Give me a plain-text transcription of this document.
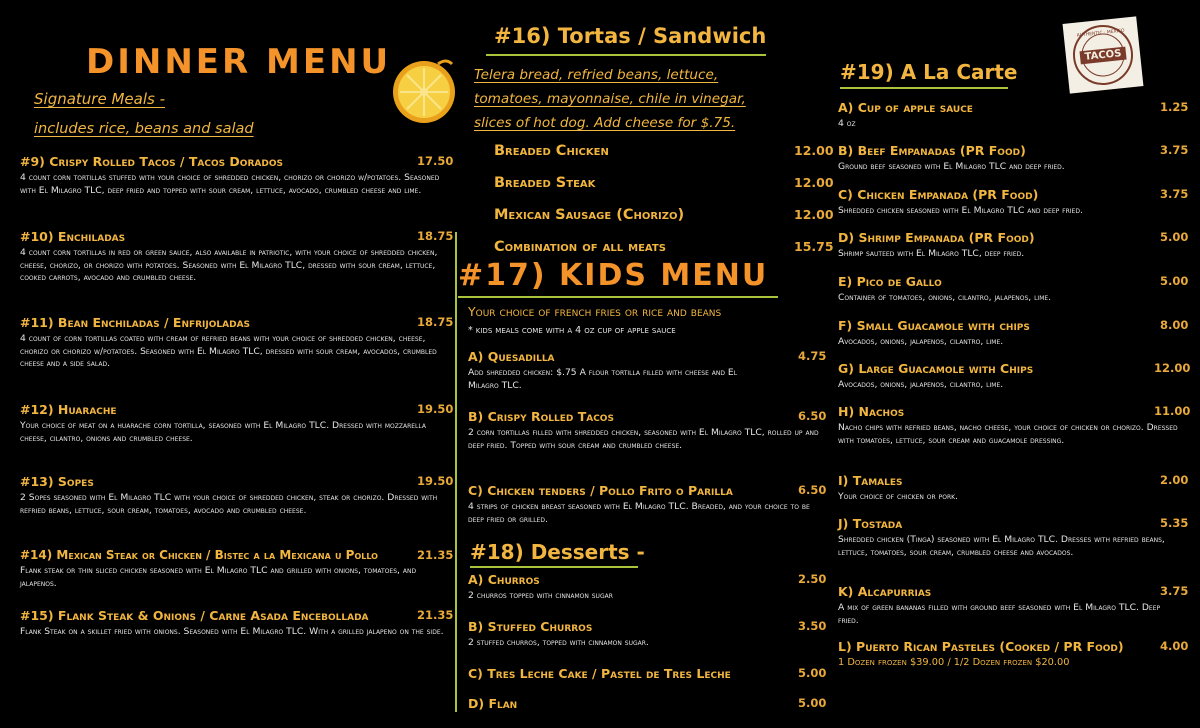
DINNER MENU
Signature Meals -
includes rice, beans and salad
#9) Crispy Rolled Tacos / Tacos Dorados	17.50
4 count corn tortillas stuffed with your choice of shredded chicken, chorizo or chorizo w/potatoes. Seasoned with El Milagro TLC, deep fried and topped with sour cream, lettuce, avocado, crumbled cheese and lime.
#10) Enchiladas	18.75
4 count corn tortillas in red or green sauce, also available in patriotic, with your choice of shredded chicken, cheese, chorizo, or chorizo with potatoes. Seasoned with El Milagro TLC, dressed with sour cream, lettuce, cooked carrots, avocado and crumbled cheese.
#11) Bean Enchiladas / Enfrijoladas	18.75
4 count of corn tortillas coated with cream of refried beans with your choice of shredded chicken, cheese, chorizo or chorizo w/potatoes. Seasoned with El Milagro TLC, dressed with sour cream, avocados, crumbled cheese and a side salad.
#12) Huarache	19.50
Your choice of meat on a huarache corn tortilla, seasoned with El Milagro TLC. Dressed with mozzarella cheese, cilantro, onions and crumbled cheese.
#13) Sopes	19.50
2 Sopes seasoned with El Milagro TLC with your choice of shredded chicken, steak or chorizo. Dressed with refried beans, lettuce, sour cream, tomatoes, avocado and crumbled cheese.
#14) Mexican Steak or Chicken / Bistec a la Mexicana u Pollo	21.35
Flank steak or thin sliced chicken seasoned with El Milagro TLC and grilled with onions, tomatoes, and jalapenos.
#15) Flank Steak & Onions / Carne Asada Encebollada	21.35
Flank Steak on a skillet fried with onions. Seasoned with El Milagro TLC. With a grilled jalapeno on the side.
#16) Tortas / Sandwich
Telera bread, refried beans, lettuce, tomatoes, mayonnaise, chile in vinegar, slices of hot dog. Add cheese for $.75.
Breaded Chicken	12.00
Breaded Steak	12.00
Mexican Sausage (Chorizo)	12.00
Combination of all meats	15.75
#17) KIDS MENU
Your choice of french fries or rice and beans
* kids meals come with a 4 oz cup of apple sauce
A) Quesadilla	4.75
Add shredded chicken: $.75 A flour tortilla filled with cheese and El Milagro TLC.
B) Crispy Rolled Tacos	6.50
2 corn tortillas filled with shredded chicken, seasoned with El Milagro TLC, rolled up and deep fried. Topped with sour cream and crumbled cheese.
C) Chicken tenders / Pollo Frito o Parilla	6.50
4 strips of chicken breast seasoned with El Milagro TLC. Breaded, and your choice to be deep fried or grilled.
#18) Desserts -
A) Churros	2.50
2 churros topped with cinnamon sugar
B) Stuffed Churros	3.50
2 stuffed churros, topped with cinnamon sugar.
C) Tres Leche Cake / Pastel de Tres Leche	5.00
D) Flan	5.00
TACOS
AUTHENTIC · MEXICO
#19) A La Carte
A) Cup of apple sauce	1.25
4 oz
B) Beef Empanadas (PR Food)	3.75
Ground beef seasoned with El Milagro TLC and deep fried.
C) Chicken Empanada (PR Food)	3.75
Shredded chicken seasoned with El Milagro TLC and deep fried.
D) Shrimp Empanada (PR Food)	5.00
Shrimp sauteed with El Milagro TLC, deep fried.
E) Pico de Gallo	5.00
Container of tomatoes, onions, cilantro, jalapenos, lime.
F) Small Guacamole with chips	8.00
Avocados, onions, jalapenos, cilantro, lime.
G) Large Guacamole with Chips	12.00
Avocados, onions, jalapenos, cilantro, lime.
H) Nachos	11.00
Nacho chips with refried beans, nacho cheese, your choice of chicken or chorizo. Dressed with tomatoes, lettuce, sour cream and guacamole dressing.
I) Tamales	2.00
Your choice of chicken or pork.
J) Tostada	5.35
Shredded chicken (Tinga) seasoned with El Milagro TLC. Dresses with refried beans, lettuce, tomatoes, sour cream, crumbled cheese and avocados.
K) Alcapurrias	3.75
A mix of green bananas filled with ground beef seasoned with El Milagro TLC. Deep fried.
L) Puerto Rican Pasteles (Cooked / PR Food)	4.00
1 Dozen frozen $39.00 / 1/2 Dozen frozen $20.00
